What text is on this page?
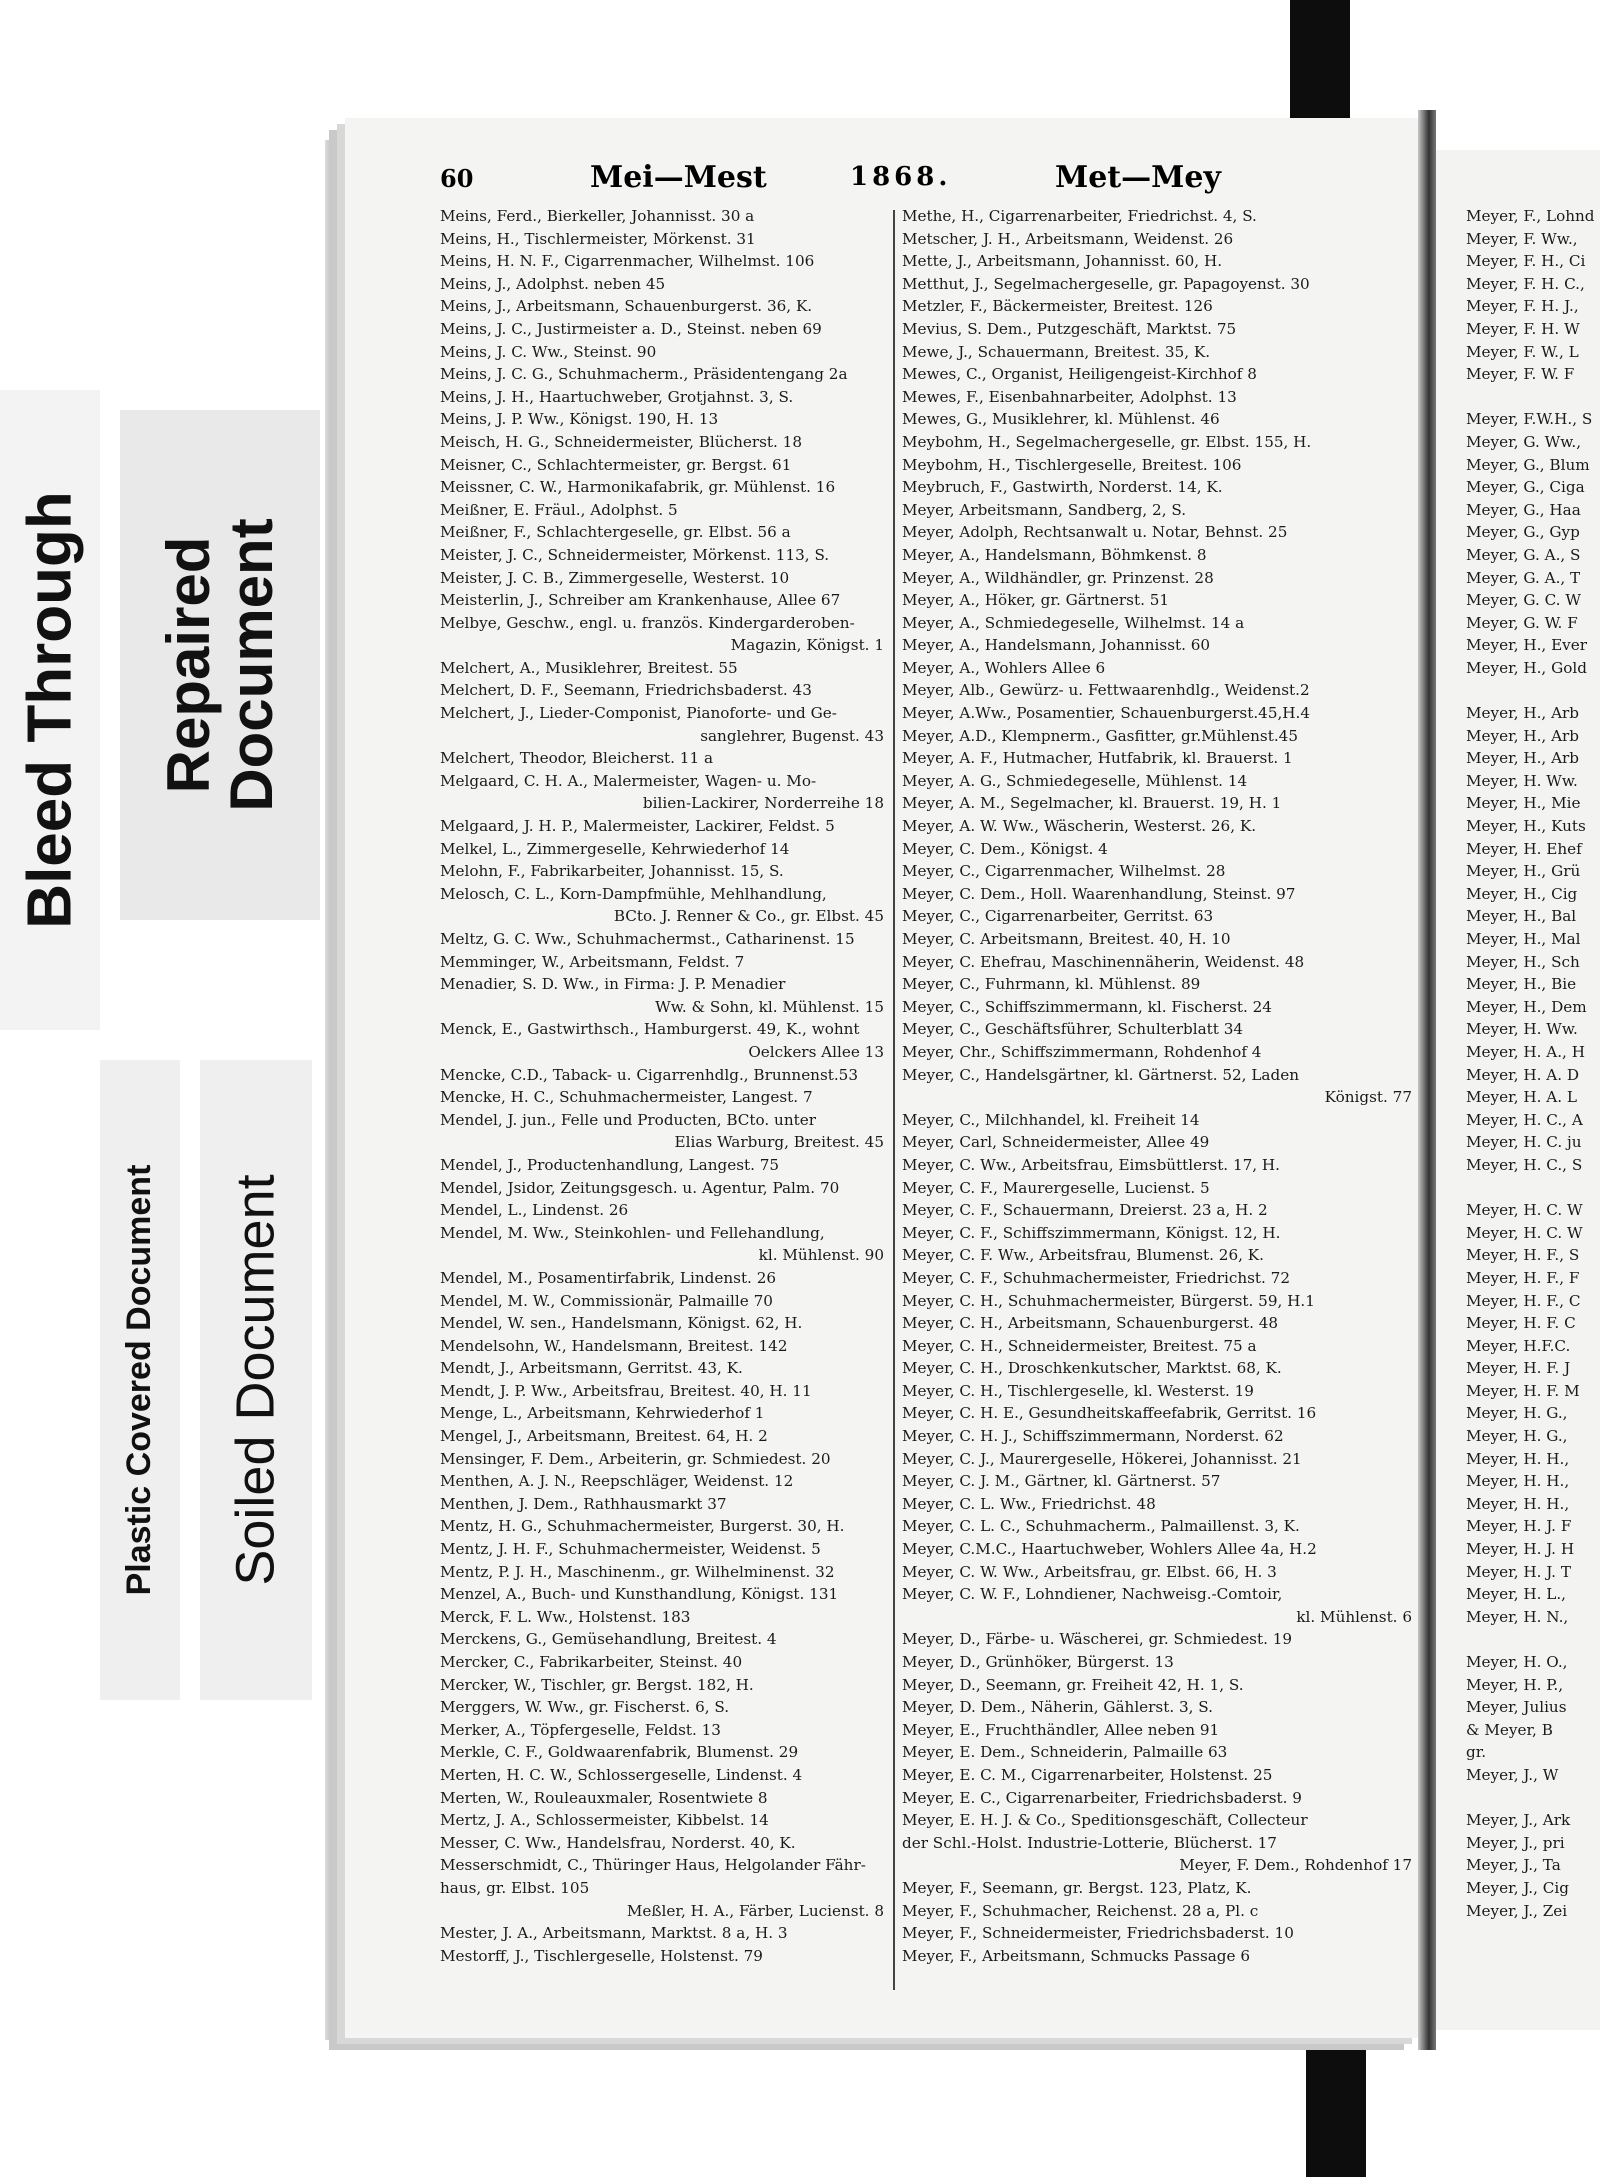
Bleed Through Repaired
Document
Plastic Covered Document Soiled Document
60	Mei—Mest	1868.	Met—Mey
Meins, Ferd., Bierkeller, Johannisst. 30 a
Meins, H., Tischlermeister, Mörkenst. 31
Meins, H. N. F., Cigarrenmacher, Wilhelmst. 106
Meins, J., Adolphst. neben 45
Meins, J., Arbeitsmann, Schauenburgerst. 36, K.
Meins, J. C., Justirmeister a. D., Steinst. neben 69
Meins, J. C. Ww., Steinst. 90
Meins, J. C. G., Schuhmacherm., Präsidentengang 2a
Meins, J. H., Haartuchweber, Grotjahnst. 3, S.
Meins, J. P. Ww., Königst. 190, H. 13
Meisch, H. G., Schneidermeister, Blücherst. 18
Meisner, C., Schlachtermeister, gr. Bergst. 61
Meissner, C. W., Harmonikafabrik, gr. Mühlenst. 16
Meißner, E. Fräul., Adolphst. 5
Meißner, F., Schlachtergeselle, gr. Elbst. 56 a
Meister, J. C., Schneidermeister, Mörkenst. 113, S.
Meister, J. C. B., Zimmergeselle, Westerst. 10
Meisterlin, J., Schreiber am Krankenhause, Allee 67
Melbye, Geschw., engl. u. französ. Kindergarderoben-
Magazin, Königst. 1
Melchert, A., Musiklehrer, Breitest. 55
Melchert, D. F., Seemann, Friedrichsbaderst. 43
Melchert, J., Lieder-Componist, Pianoforte- und Ge-
sanglehrer, Bugenst. 43
Melchert, Theodor, Bleicherst. 11 a
Melgaard, C. H. A., Malermeister, Wagen- u. Mo-
bilien-Lackirer, Norderreihe 18
Melgaard, J. H. P., Malermeister, Lackirer, Feldst. 5
Melkel, L., Zimmergeselle, Kehrwiederhof 14
Melohn, F., Fabrikarbeiter, Johannisst. 15, S.
Melosch, C. L., Korn-Dampfmühle, Mehlhandlung,
BCto. J. Renner & Co., gr. Elbst. 45
Meltz, G. C. Ww., Schuhmachermst., Catharinenst. 15
Memminger, W., Arbeitsmann, Feldst. 7
Menadier, S. D. Ww., in Firma: J. P. Menadier
Ww. & Sohn, kl. Mühlenst. 15
Menck, E., Gastwirthsch., Hamburgerst. 49, K., wohnt
Oelckers Allee 13
Mencke, C.D., Taback- u. Cigarrenhdlg., Brunnenst.53
Mencke, H. C., Schuhmachermeister, Langest. 7
Mendel, J. jun., Felle und Producten, BCto. unter
Elias Warburg, Breitest. 45
Mendel, J., Productenhandlung, Langest. 75
Mendel, Jsidor, Zeitungsgesch. u. Agentur, Palm. 70
Mendel, L., Lindenst. 26
Mendel, M. Ww., Steinkohlen- und Fellehandlung,
kl. Mühlenst. 90
Mendel, M., Posamentirfabrik, Lindenst. 26
Mendel, M. W., Commissionär, Palmaille 70
Mendel, W. sen., Handelsmann, Königst. 62, H.
Mendelsohn, W., Handelsmann, Breitest. 142
Mendt, J., Arbeitsmann, Gerritst. 43, K.
Mendt, J. P. Ww., Arbeitsfrau, Breitest. 40, H. 11
Menge, L., Arbeitsmann, Kehrwiederhof 1
Mengel, J., Arbeitsmann, Breitest. 64, H. 2
Mensinger, F. Dem., Arbeiterin, gr. Schmiedest. 20
Menthen, A. J. N., Reepschläger, Weidenst. 12
Menthen, J. Dem., Rathhausmarkt 37
Mentz, H. G., Schuhmachermeister, Burgerst. 30, H.
Mentz, J. H. F., Schuhmachermeister, Weidenst. 5
Mentz, P. J. H., Maschinenm., gr. Wilhelminenst. 32
Menzel, A., Buch- und Kunsthandlung, Königst. 131
Merck, F. L. Ww., Holstenst. 183
Merckens, G., Gemüsehandlung, Breitest. 4
Mercker, C., Fabrikarbeiter, Steinst. 40
Mercker, W., Tischler, gr. Bergst. 182, H.
Merggers, W. Ww., gr. Fischerst. 6, S.
Merker, A., Töpfergeselle, Feldst. 13
Merkle, C. F., Goldwaarenfabrik, Blumenst. 29
Merten, H. C. W., Schlossergeselle, Lindenst. 4
Merten, W., Rouleauxmaler, Rosentwiete 8
Mertz, J. A., Schlossermeister, Kibbelst. 14
Messer, C. Ww., Handelsfrau, Norderst. 40, K.
Messerschmidt, C., Thüringer Haus, Helgolander Fähr-
haus, gr. Elbst. 105
Meßler, H. A., Färber, Lucienst. 8
Mester, J. A., Arbeitsmann, Marktst. 8 a, H. 3
Mestorff, J., Tischlergeselle, Holstenst. 79
Methe, H., Cigarrenarbeiter, Friedrichst. 4, S.
Metscher, J. H., Arbeitsmann, Weidenst. 26
Mette, J., Arbeitsmann, Johannisst. 60, H.
Metthut, J., Segelmachergeselle, gr. Papagoyenst. 30
Metzler, F., Bäckermeister, Breitest. 126
Mevius, S. Dem., Putzgeschäft, Marktst. 75
Mewe, J., Schauermann, Breitest. 35, K.
Mewes, C., Organist, Heiligengeist-Kirchhof 8
Mewes, F., Eisenbahnarbeiter, Adolphst. 13
Mewes, G., Musiklehrer, kl. Mühlenst. 46
Meybohm, H., Segelmachergeselle, gr. Elbst. 155, H.
Meybohm, H., Tischlergeselle, Breitest. 106
Meybruch, F., Gastwirth, Norderst. 14, K.
Meyer, Arbeitsmann, Sandberg, 2, S.
Meyer, Adolph, Rechtsanwalt u. Notar, Behnst. 25
Meyer, A., Handelsmann, Böhmkenst. 8
Meyer, A., Wildhändler, gr. Prinzenst. 28
Meyer, A., Höker, gr. Gärtnerst. 51
Meyer, A., Schmiedegeselle, Wilhelmst. 14 a
Meyer, A., Handelsmann, Johannisst. 60
Meyer, A., Wohlers Allee 6
Meyer, Alb., Gewürz- u. Fettwaarenhdlg., Weidenst.2
Meyer, A.Ww., Posamentier, Schauenburgerst.45,H.4
Meyer, A.D., Klempnerm., Gasfitter, gr.Mühlenst.45
Meyer, A. F., Hutmacher, Hutfabrik, kl. Brauerst. 1
Meyer, A. G., Schmiedegeselle, Mühlenst. 14
Meyer, A. M., Segelmacher, kl. Brauerst. 19, H. 1
Meyer, A. W. Ww., Wäscherin, Westerst. 26, K.
Meyer, C. Dem., Königst. 4
Meyer, C., Cigarrenmacher, Wilhelmst. 28
Meyer, C. Dem., Holl. Waarenhandlung, Steinst. 97
Meyer, C., Cigarrenarbeiter, Gerritst. 63
Meyer, C. Arbeitsmann, Breitest. 40, H. 10
Meyer, C. Ehefrau, Maschinennäherin, Weidenst. 48
Meyer, C., Fuhrmann, kl. Mühlenst. 89
Meyer, C., Schiffszimmermann, kl. Fischerst. 24
Meyer, C., Geschäftsführer, Schulterblatt 34
Meyer, Chr., Schiffszimmermann, Rohdenhof 4
Meyer, C., Handelsgärtner, kl. Gärtnerst. 52, Laden
Königst. 77
Meyer, C., Milchhandel, kl. Freiheit 14
Meyer, Carl, Schneidermeister, Allee 49
Meyer, C. Ww., Arbeitsfrau, Eimsbüttlerst. 17, H.
Meyer, C. F., Maurergeselle, Lucienst. 5
Meyer, C. F., Schauermann, Dreierst. 23 a, H. 2
Meyer, C. F., Schiffszimmermann, Königst. 12, H.
Meyer, C. F. Ww., Arbeitsfrau, Blumenst. 26, K.
Meyer, C. F., Schuhmachermeister, Friedrichst. 72
Meyer, C. H., Schuhmachermeister, Bürgerst. 59, H.1
Meyer, C. H., Arbeitsmann, Schauenburgerst. 48
Meyer, C. H., Schneidermeister, Breitest. 75 a
Meyer, C. H., Droschkenkutscher, Marktst. 68, K.
Meyer, C. H., Tischlergeselle, kl. Westerst. 19
Meyer, C. H. E., Gesundheitskaffeefabrik, Gerritst. 16
Meyer, C. H. J., Schiffszimmermann, Norderst. 62
Meyer, C. J., Maurergeselle, Hökerei, Johannisst. 21
Meyer, C. J. M., Gärtner, kl. Gärtnerst. 57
Meyer, C. L. Ww., Friedrichst. 48
Meyer, C. L. C., Schuhmacherm., Palmaillenst. 3, K.
Meyer, C.M.C., Haartuchweber, Wohlers Allee 4a, H.2
Meyer, C. W. Ww., Arbeitsfrau, gr. Elbst. 66, H. 3
Meyer, C. W. F., Lohndiener, Nachweisg.-Comtoir,
kl. Mühlenst. 6
Meyer, D., Färbe- u. Wäscherei, gr. Schmiedest. 19
Meyer, D., Grünhöker, Bürgerst. 13
Meyer, D., Seemann, gr. Freiheit 42, H. 1, S.
Meyer, D. Dem., Näherin, Gählerst. 3, S.
Meyer, E., Fruchthändler, Allee neben 91
Meyer, E. Dem., Schneiderin, Palmaille 63
Meyer, E. C. M., Cigarrenarbeiter, Holstenst. 25
Meyer, E. C., Cigarrenarbeiter, Friedrichsbaderst. 9
Meyer, E. H. J. & Co., Speditionsgeschäft, Collecteur
der Schl.-Holst. Industrie-Lotterie, Blücherst. 17
Meyer, F. Dem., Rohdenhof 17
Meyer, F., Seemann, gr. Bergst. 123, Platz, K.
Meyer, F., Schuhmacher, Reichenst. 28 a, Pl. c
Meyer, F., Schneidermeister, Friedrichsbaderst. 10
Meyer, F., Arbeitsmann, Schmucks Passage 6
Meyer, F., Lohnd
Meyer, F. Ww.,
Meyer, F. H., Ci
Meyer, F. H. C.,
Meyer, F. H. J.,
Meyer, F. H. W
Meyer, F. W., L
Meyer, F. W. F

Meyer, F.W.H., S
Meyer, G. Ww.,
Meyer, G., Blum
Meyer, G., Ciga
Meyer, G., Haa
Meyer, G., Gyp
Meyer, G. A., S
Meyer, G. A., T
Meyer, G. C. W
Meyer, G. W. F
Meyer, H., Ever
Meyer, H., Gold

Meyer, H., Arb
Meyer, H., Arb
Meyer, H., Arb
Meyer, H. Ww.
Meyer, H., Mie
Meyer, H., Kuts
Meyer, H. Ehef
Meyer, H., Grü
Meyer, H., Cig
Meyer, H., Bal
Meyer, H., Mal
Meyer, H., Sch
Meyer, H., Bie
Meyer, H., Dem
Meyer, H. Ww.
Meyer, H. A., H
Meyer, H. A. D
Meyer, H. A. L
Meyer, H. C., A
Meyer, H. C. ju
Meyer, H. C., S

Meyer, H. C. W
Meyer, H. C. W
Meyer, H. F., S
Meyer, H. F., F
Meyer, H. F., C
Meyer, H. F. C
Meyer, H.F.C.
Meyer, H. F. J
Meyer, H. F. M
Meyer, H. G.,
Meyer, H. G.,
Meyer, H. H.,
Meyer, H. H.,
Meyer, H. H.,
Meyer, H. J. F
Meyer, H. J. H
Meyer, H. J. T
Meyer, H. L.,
Meyer, H. N.,

Meyer, H. O.,
Meyer, H. P.,
Meyer, Julius
& Meyer, B
gr.
Meyer, J., W

Meyer, J., Ark
Meyer, J., pri
Meyer, J., Ta
Meyer, J., Cig
Meyer, J., Zei
